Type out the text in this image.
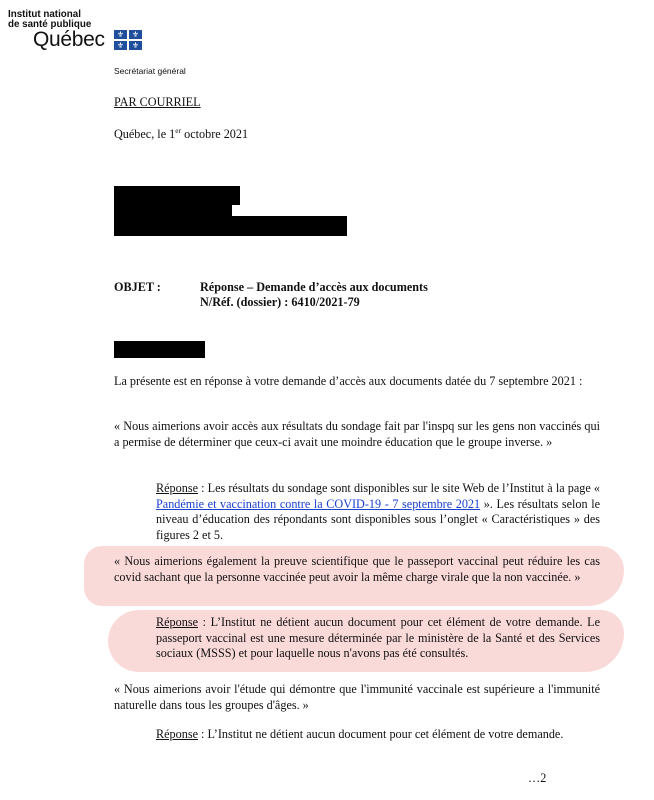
Institut national
de santé publique
Québec	⚜ ⚜
⚜ ⚜
Secrétariat général
PAR COURRIEL
Québec, le 1er octobre 2021
OBJET :	Réponse – Demande d’accès aux documents
N/Réf. (dossier) : 6410/2021-79
La présente est en réponse à votre demande d’accès aux documents datée du 7 septembre 2021 :
« Nous aimerions avoir accès aux résultats du sondage fait par l'inspq sur les gens non vaccinés qui a permise de déterminer que ceux-ci avait une moindre éducation que le groupe inverse. »
Réponse : Les résultats du sondage sont disponibles sur le site Web de l’Institut à la page « Pandémie et vaccination contre la COVID-19 - 7 septembre 2021 ». Les résultats selon le niveau d’éducation des répondants sont disponibles sous l’onglet « Caractéristiques » des figures 2 et 5.
« Nous aimerions également la preuve scientifique que le passeport vaccinal peut réduire les cas covid sachant que la personne vaccinée peut avoir la même charge virale que la non vaccinée. »
Réponse : L’Institut ne détient aucun document pour cet élément de votre demande. Le passeport vaccinal est une mesure déterminée par le ministère de la Santé et des Services sociaux (MSSS) et pour laquelle nous n'avons pas été consultés.
« Nous aimerions avoir l'étude qui démontre que l'immunité vaccinale est supérieure a l'immunité naturelle dans tous les groupes d'âges. »
Réponse : L’Institut ne détient aucun document pour cet élément de votre demande.
…2
